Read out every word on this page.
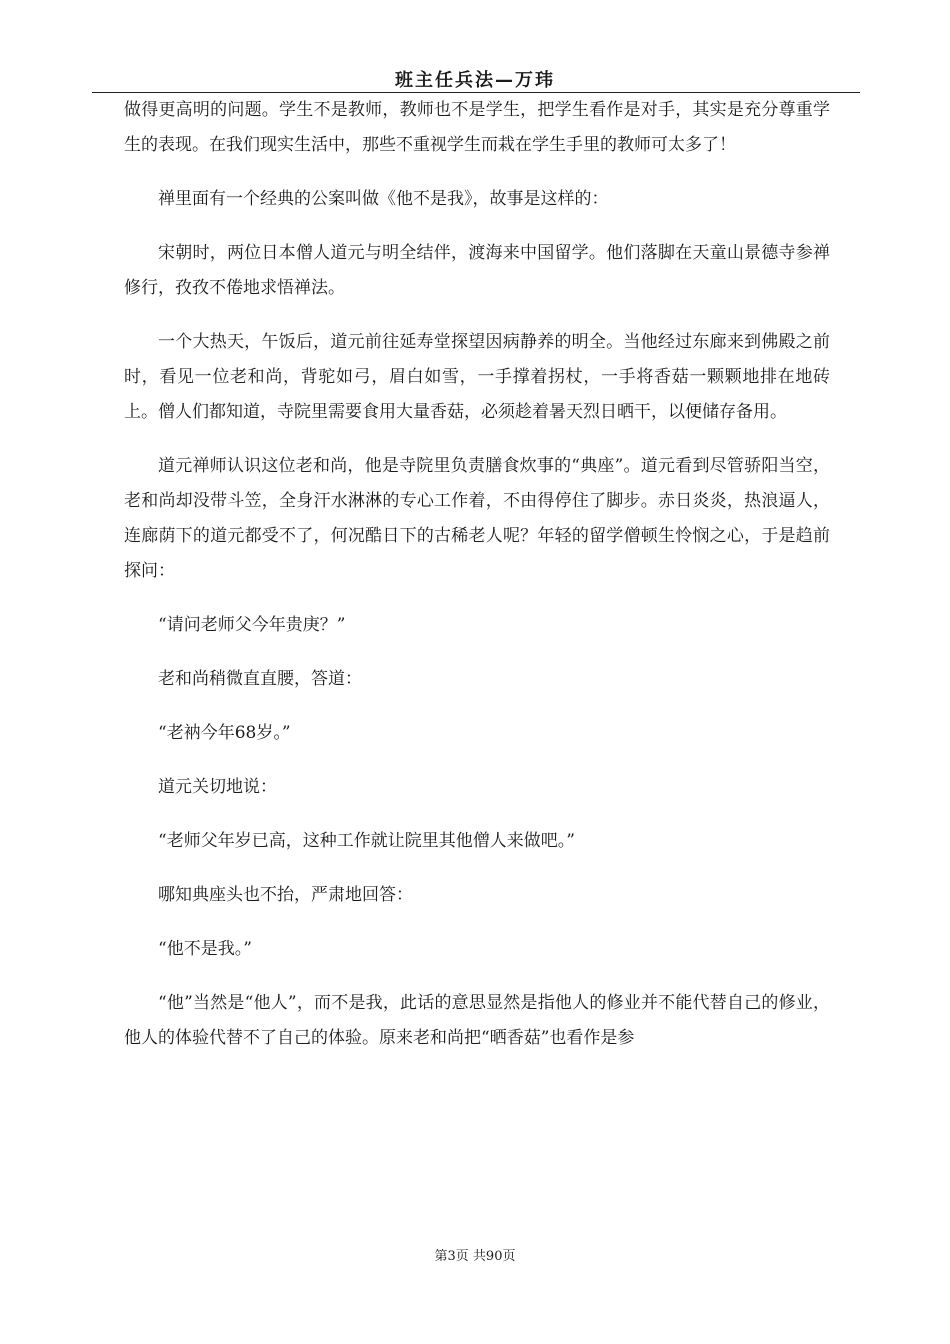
班主任兵法—万玮

做得更高明的问题。学生不是教师，教师也不是学生，把学生看作是对手，其实是充分尊重学生的表现。在我们现实生活中，那些不重视学生而栽在学生手里的教师可太多了！

禅里面有一个经典的公案叫做《他不是我》，故事是这样的：

宋朝时，两位日本僧人道元与明全结伴，渡海来中国留学。他们落脚在天童山景德寺参禅修行，孜孜不倦地求悟禅法。

一个大热天，午饭后，道元前往延寿堂探望因病静养的明全。当他经过东廊来到佛殿之前时，看见一位老和尚，背驼如弓，眉白如雪，一手撑着拐杖，一手将香菇一颗颗地排在地砖上。僧人们都知道，寺院里需要食用大量香菇，必须趁着暑天烈日晒干，以便储存备用。

道元禅师认识这位老和尚，他是寺院里负责膳食炊事的“典座”。道元看到尽管骄阳当空，老和尚却没带斗笠，全身汗水淋淋的专心工作着，不由得停住了脚步。赤日炎炎，热浪逼人，连廊荫下的道元都受不了，何况酷日下的古稀老人呢？年轻的留学僧顿生怜悯之心，于是趋前探问：

“请问老师父今年贵庚？”

老和尚稍微直直腰，答道：

“老衲今年68岁。”

道元关切地说：

“老师父年岁已高，这种工作就让院里其他僧人来做吧。”

哪知典座头也不抬，严肃地回答：

“他不是我。”

“他”当然是“他人”，而不是我，此话的意思显然是指他人的修业并不能代替自己的修业，他人的体验代替不了自己的体验。原来老和尚把“晒香菇”也看作是参

第3页 共90页
